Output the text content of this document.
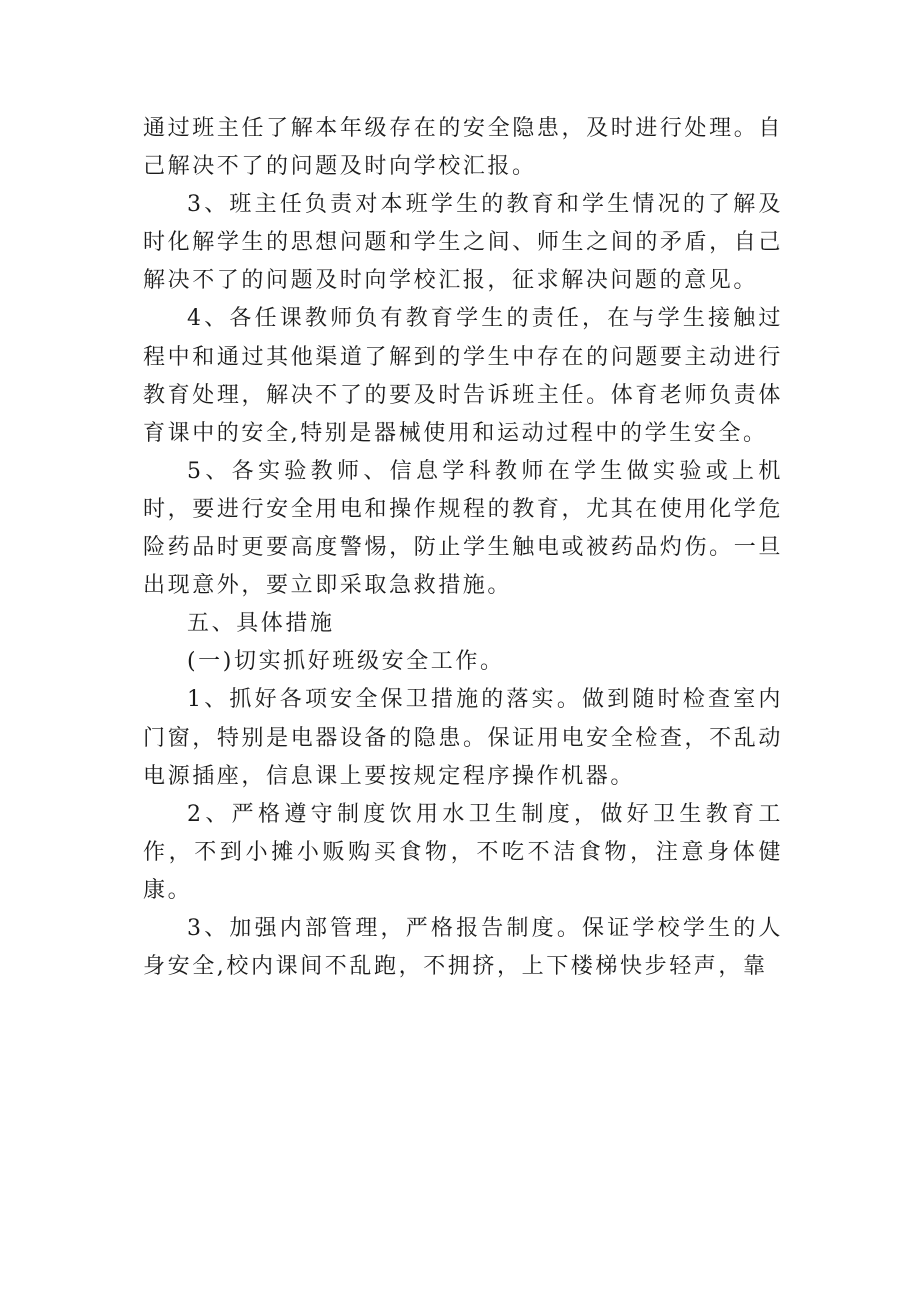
通过班主任了解本年级存在的安全隐患，及时进行处理。自己解决不了的问题及时向学校汇报。

3、班主任负责对本班学生的教育和学生情况的了解及时化解学生的思想问题和学生之间、师生之间的矛盾，自己解决不了的问题及时向学校汇报，征求解决问题的意见。

4、各任课教师负有教育学生的责任，在与学生接触过程中和通过其他渠道了解到的学生中存在的问题要主动进行教育处理，解决不了的要及时告诉班主任。体育老师负责体育课中的安全,特别是器械使用和运动过程中的学生安全。

5、各实验教师、信息学科教师在学生做实验或上机时，要进行安全用电和操作规程的教育，尤其在使用化学危险药品时更要高度警惕，防止学生触电或被药品灼伤。一旦出现意外，要立即采取急救措施。

五、具体措施

(一)切实抓好班级安全工作。

1、抓好各项安全保卫措施的落实。做到随时检查室内门窗，特别是电器设备的隐患。保证用电安全检查，不乱动电源插座，信息课上要按规定程序操作机器。

2、严格遵守制度饮用水卫生制度，做好卫生教育工作，不到小摊小贩购买食物，不吃不洁食物，注意身体健康。

3、加强内部管理，严格报告制度。保证学校学生的人身安全,校内课间不乱跑，不拥挤，上下楼梯快步轻声，靠
